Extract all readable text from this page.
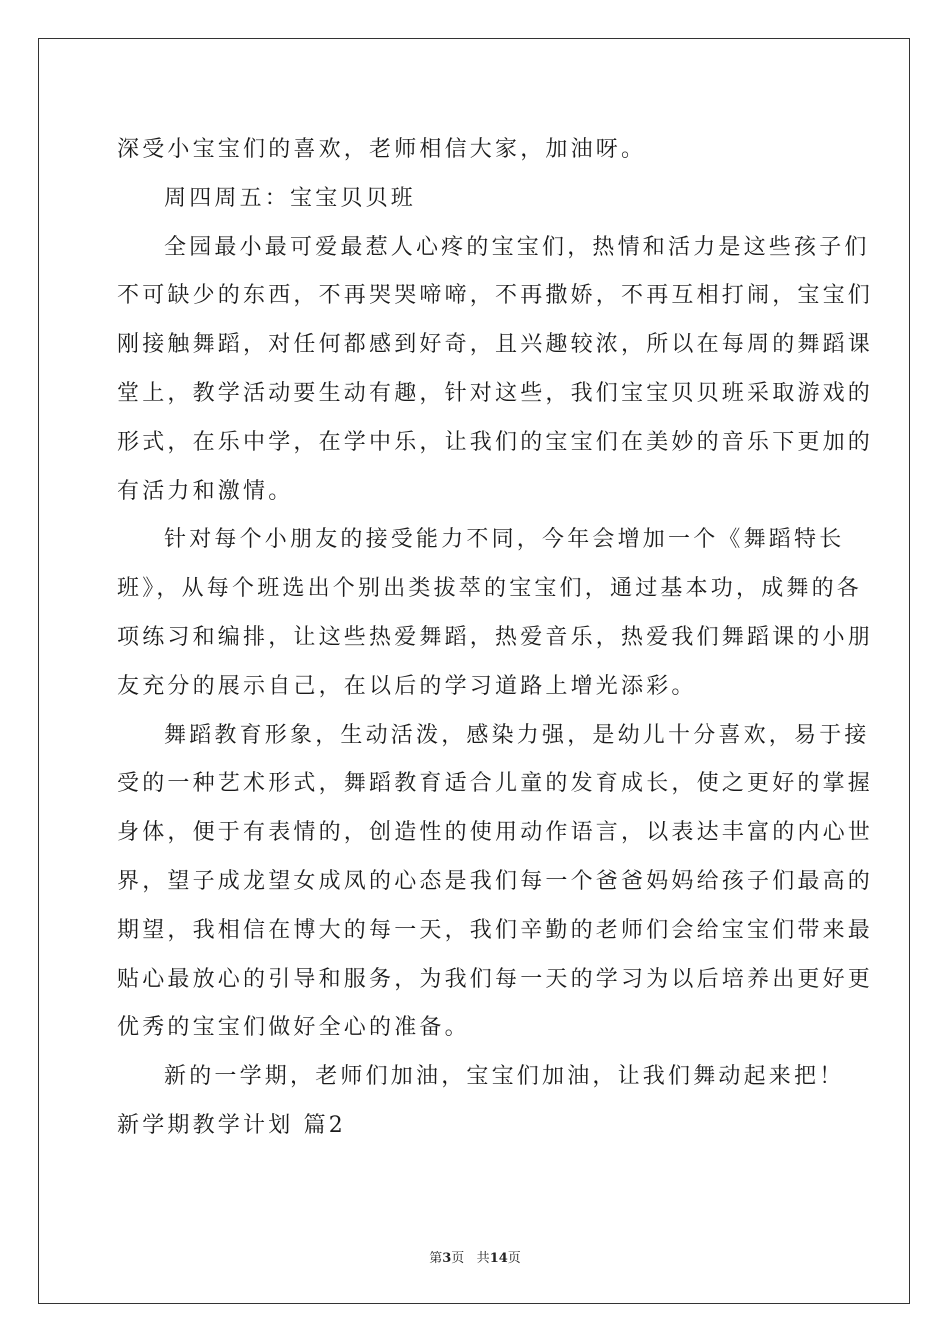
深受小宝宝们的喜欢，老师相信大家，加油呀。
周四周五：宝宝贝贝班
全园最小最可爱最惹人心疼的宝宝们，热情和活力是这些孩子们
不可缺少的东西，不再哭哭啼啼，不再撒娇，不再互相打闹，宝宝们
刚接触舞蹈，对任何都感到好奇，且兴趣较浓，所以在每周的舞蹈课
堂上，教学活动要生动有趣，针对这些，我们宝宝贝贝班采取游戏的
形式，在乐中学，在学中乐，让我们的宝宝们在美妙的音乐下更加的
有活力和激情。
针对每个小朋友的接受能力不同，今年会增加一个《舞蹈特长
班》，从每个班选出个别出类拔萃的宝宝们，通过基本功，成舞的各
项练习和编排，让这些热爱舞蹈，热爱音乐，热爱我们舞蹈课的小朋
友充分的展示自己，在以后的学习道路上增光添彩。
舞蹈教育形象，生动活泼，感染力强，是幼儿十分喜欢，易于接
受的一种艺术形式，舞蹈教育适合儿童的发育成长，使之更好的掌握
身体，便于有表情的，创造性的使用动作语言，以表达丰富的内心世
界，望子成龙望女成凤的心态是我们每一个爸爸妈妈给孩子们最高的
期望，我相信在博大的每一天，我们辛勤的老师们会给宝宝们带来最
贴心最放心的引导和服务，为我们每一天的学习为以后培养出更好更
优秀的宝宝们做好全心的准备。
新的一学期，老师们加油，宝宝们加油，让我们舞动起来把！
新学期教学计划 篇2
第3页 共14页
